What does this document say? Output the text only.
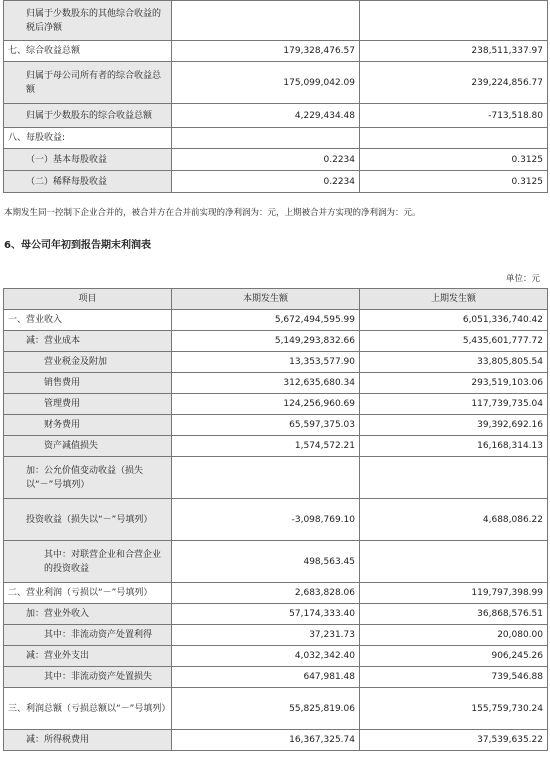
归属于少数股东的其他综合收益的税后净额		
七、综合收益总额	179,328,476.57	238,511,337.97
归属于母公司所有者的综合收益总额	175,099,042.09	239,224,856.77
归属于少数股东的综合收益总额	4,229,434.48	-713,518.80
八、每股收益:		
（一）基本每股收益	0.2234	0.3125
（二）稀释每股收益	0.2234	0.3125
本期发生同一控制下企业合并的，被合并方在合并前实现的净利润为：元，上期被合并方实现的净利润为：元。
6、母公司年初到报告期末利润表
单位：元
项目	本期发生额	上期发生额
一、营业收入	5,672,494,595.99	6,051,336,740.42
减：营业成本	5,149,293,832.66	5,435,601,777.72
营业税金及附加	13,353,577.90	33,805,805.54
销售费用	312,635,680.34	293,519,103.06
管理费用	124,256,960.69	117,739,735.04
财务费用	65,597,375.03	39,392,692.16
资产减值损失	1,574,572.21	16,168,314.13
加：公允价值变动收益（损失以“－”号填列）		
投资收益（损失以“－”号填列）	-3,098,769.10	4,688,086.22
其中：对联营企业和合营企业的投资收益	498,563.45	
二、营业利润（亏损以“－”号填列）	2,683,828.06	119,797,398.99
加：营业外收入	57,174,333.40	36,868,576.51
其中：非流动资产处置利得	37,231.73	20,080.00
减：营业外支出	4,032,342.40	906,245.26
其中：非流动资产处置损失	647,981.48	739,546.88
三、利润总额（亏损总额以“－”号填列）	55,825,819.06	155,759,730.24
减：所得税费用	16,367,325.74	37,539,635.22
